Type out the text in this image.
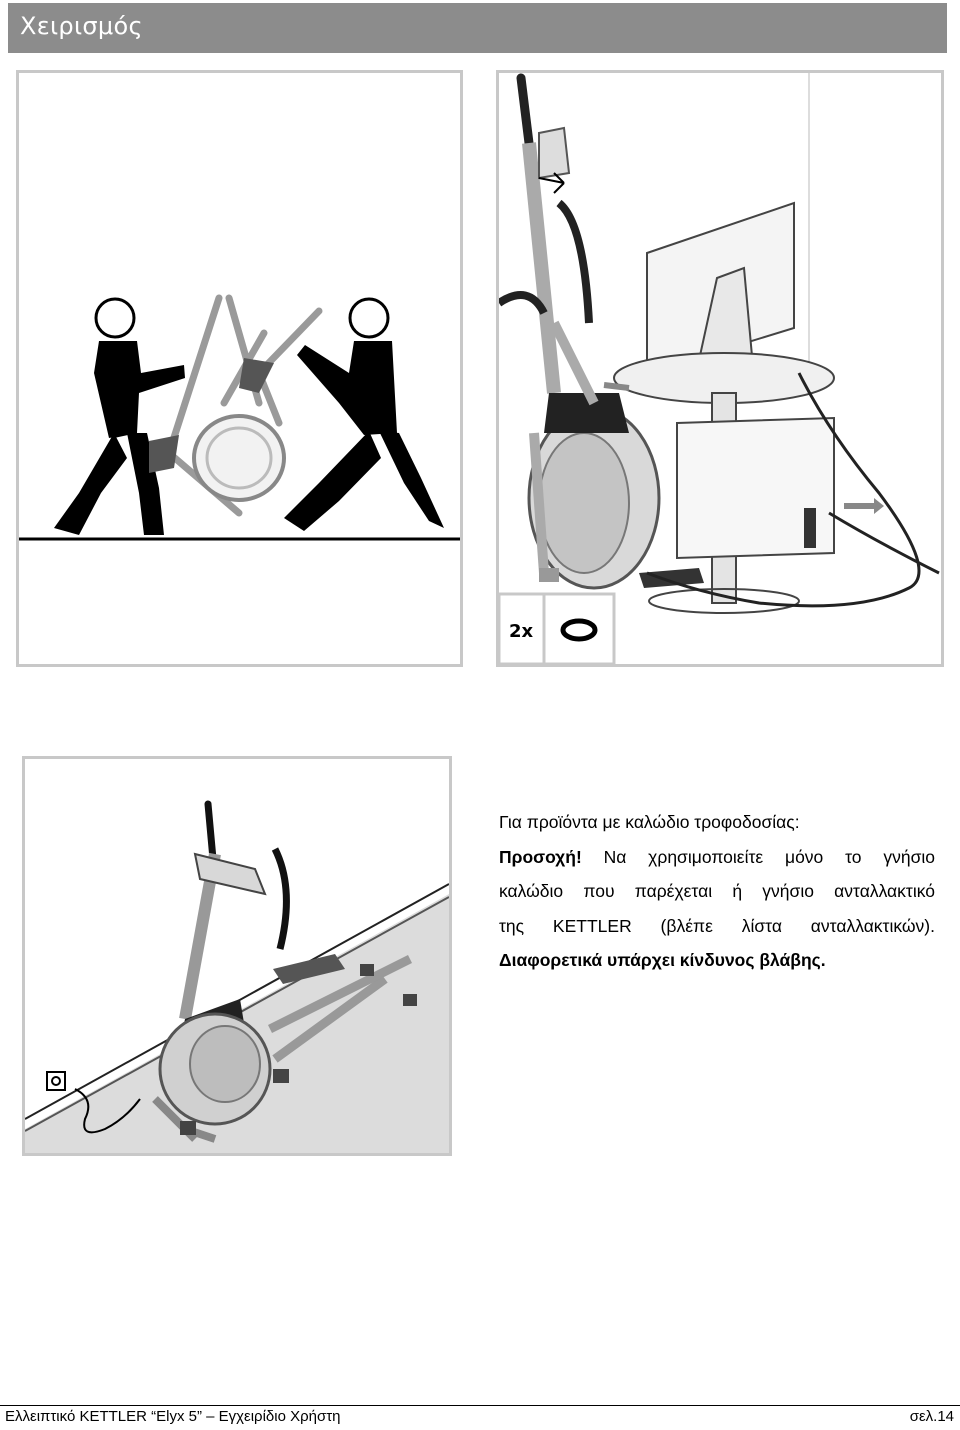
Χειρισμός
2x

Για προϊόντα με καλώδιο τροφοδοσίας:

Προσοχή! Να χρησιμοποιείτε μόνο το γνήσιο

καλώδιο που παρέχεται ή γνήσιο ανταλλακτικό

της KETTLER (βλέπε λίστα ανταλλακτικών).

Διαφορετικά υπάρχει κίνδυνος βλάβης.

Ελλειπτικό KETTLER “Elyx 5” – Εγχειρίδιο Χρήστη	σελ.14
